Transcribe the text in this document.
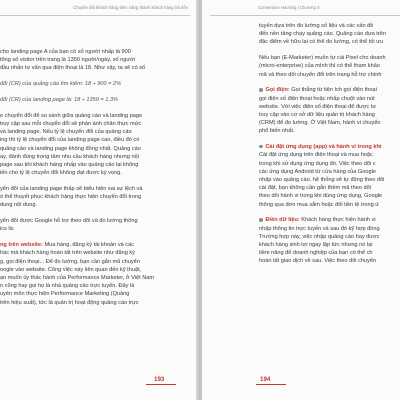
Chuyển đổi khách hàng tiềm năng thành khách hàng trả tiền

cho landing page A của bạn có số người nhấp là 900
tổng số visitor trên trang là 1350 người/ngày, số người
đầu nhấn tư vấn qua điện thoại là 18. Như vậy, ta sẽ có số

đổi (CR) của quảng cáo tìm kiếm: 18 ÷ 900 = 2%

đổi (CR) của landing page là: 18 ÷ 1350 = 1,3%

e chuyển đổi để so sánh giữa quảng cáo và landing page
truy cập sau mỗi chuyển đổi sẽ phản ánh chân thực mức
và landing page. Nếu tỷ lệ chuyển đổi của quảng cáo
ing thì tỷ lệ chuyển đổi của landing page cao, điều đó có
quảng cáo và landing page không đồng nhất. Quảng cáo
ay, đánh đúng trọng tâm nhu cầu khách hàng nhưng nội
page sau khi khách hàng nhấp vào quảng cáo lại không
iến cho tỷ lệ chuyển đổi không đạt được kỳ vọng.

yển đổi của landing page thấp sẽ biểu hiện sai sự lệch và
ó thể thuyết phục khách hàng thực hiện chuyển đổi trong
dung nội dung.

yển đổi được Google hỗ trợ theo dõi và đo lường thông
ics là:

ng trên website: Mua hàng, đăng ký tài khoản và các
hác mà khách hàng hoàn tất trên website như đăng ký
g, gọi điện thoại... Để đo lường, bạn cần gắn mã chuyển
oogle vào website. Công việc này liên quan đến kỹ thuật,
ạn muốn ủy thác hành của Performance Marketer, ở Việt Nam
n cũng hay gọi họ là nhà quảng cáo trực tuyến. Đây là
uyên môn thực hiện Performance Marketing (Quảng
trên hiệu suất), tức là quản trị hoạt động quảng cáo trực

193
Conversion Hacking | Chương 3

tuyến dựa trên đo lường số liệu và các vấn đề
đến nền tảng chạy quảng cáo. Quảng cáo dựa trên
đặc điểm về hữu lại có thể đo lường, có thể tối ưu

Nếu bạn (E-Marketer) muốn tự cài Pixel cho doanh
(micro-enterprise) của mình thì có thể tham khảo
mã và theo dõi chuyển đổi trên trang hỗ trợ chính

Gọi điện: Gọi thẳng từ tiện ích gọi điện thoại
gọi điện số điện thoại hoặc nhấp chuột vào nút
website. Với việc điện số điện thoại để được tư
truy cập vào cơ sở dữ liệu quản trị khách hàng
(CRM) để đo lường. Ở Việt Nam, hành vi chuyển
phổ biến nhất.

Cài đặt ứng dụng (app) và hành vi trong khi
Cài đặt ứng dụng trên điện thoại và mua hoặc
trong khi sử dụng ứng dụng đó. Việc theo dõi c
các ứng dụng Android từ cửa hàng của Google
nhập vào quảng cáo, hệ thống sẽ tự động theo dõi
cài đặt, bạn không cần gắn thêm mã theo dõi
theo dõi hành vi trong khi dùng ứng dụng, Google
thông qua đơn mua sắm hoặc đối tiền tệ trong ứ

Điền dữ liệu: Khách hàng thực hiện hành vi
nhập thông tin trực tuyến và sau đó kỹ hợp đồng
Trường hợp này, việc nhập quảng cáo hay được
khách hàng sinh lợi ngay lập tức nhưng nó lại
tiềm năng để doanh nghiệp của bạn có thể ch
hoàn tất giao dịch về sau. Việc theo dõi chuyển

194
